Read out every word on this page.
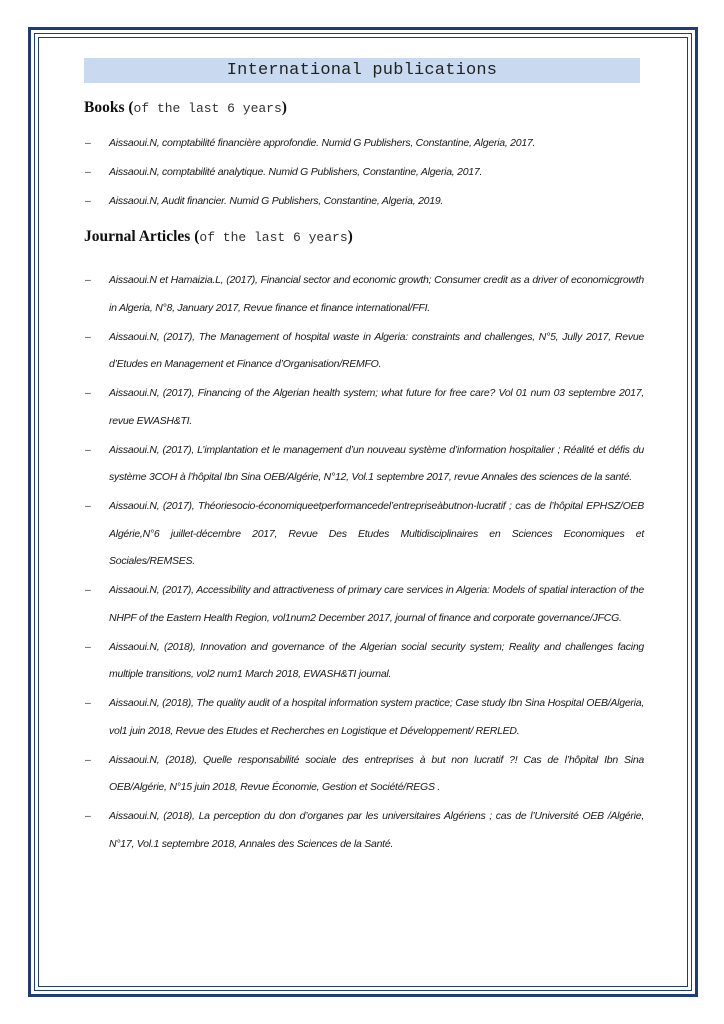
International publications
Books (of the last 6 years)
– Aissaoui.N, comptabilité financière approfondie. Numid G Publishers, Constantine, Algeria, 2017.
– Aissaoui.N, comptabilité analytique. Numid G Publishers, Constantine, Algeria, 2017.
– Aissaoui.N, Audit financier. Numid G Publishers, Constantine, Algeria, 2019.
Journal Articles (of the last 6 years)
– Aissaoui.N et Hamaizia.L, (2017), Financial sector and economic growth; Consumer credit as a driver of economicgrowth in Algeria, N°8, January 2017, Revue finance et finance international/FFI.
– Aissaoui.N, (2017), The Management of hospital waste in Algeria: constraints and challenges, N°5, Jully 2017, Revue d’Etudes en Management et Finance d’Organisation/REMFO.
– Aissaoui.N, (2017), Financing of the Algerian health system; what future for free care? Vol 01 num 03 septembre 2017, revue EWASH&TI.
– Aissaoui.N, (2017), L’implantation et le management d’un nouveau système d’information hospitalier ; Réalité et défis du système 3COH à l’hôpital Ibn Sina OEB/Algérie, N°12, Vol.1 septembre 2017, revue Annales des sciences de la santé.
– Aissaoui.N, (2017), Théoriesocio-économiqueetperformancedel’entrepriseàbutnon-lucratif ; cas de l’hôpital EPHSZ/OEB Algérie,N°6 juillet-décembre 2017, Revue Des Etudes Multidisciplinaires en Sciences Economiques et Sociales/REMSES.
– Aissaoui.N, (2017), Accessibility and attractiveness of primary care services in Algeria: Models of spatial interaction of the NHPF of the Eastern Health Region, vol1num2 December 2017, journal of finance and corporate governance/JFCG.
– Aissaoui.N, (2018), Innovation and governance of the Algerian social security system; Reality and challenges facing multiple transitions, vol2 num1 March 2018, EWASH&TI journal.
– Aissaoui.N, (2018), The quality audit of a hospital information system practice; Case study Ibn Sina Hospital OEB/Algeria, vol1 juin 2018, Revue des Etudes et Recherches en Logistique et Développement/ RERLED.
– Aissaoui.N, (2018), Quelle responsabilité sociale des entreprises à but non lucratif ?! Cas de l’hôpital Ibn Sina OEB/Algérie, N°15 juin 2018, Revue Économie, Gestion et Société/REGS .
– Aissaoui.N, (2018), La perception du don d’organes par les universitaires Algériens ; cas de l’Université OEB /Algérie, N°17, Vol.1 septembre 2018, Annales des Sciences de la Santé.
